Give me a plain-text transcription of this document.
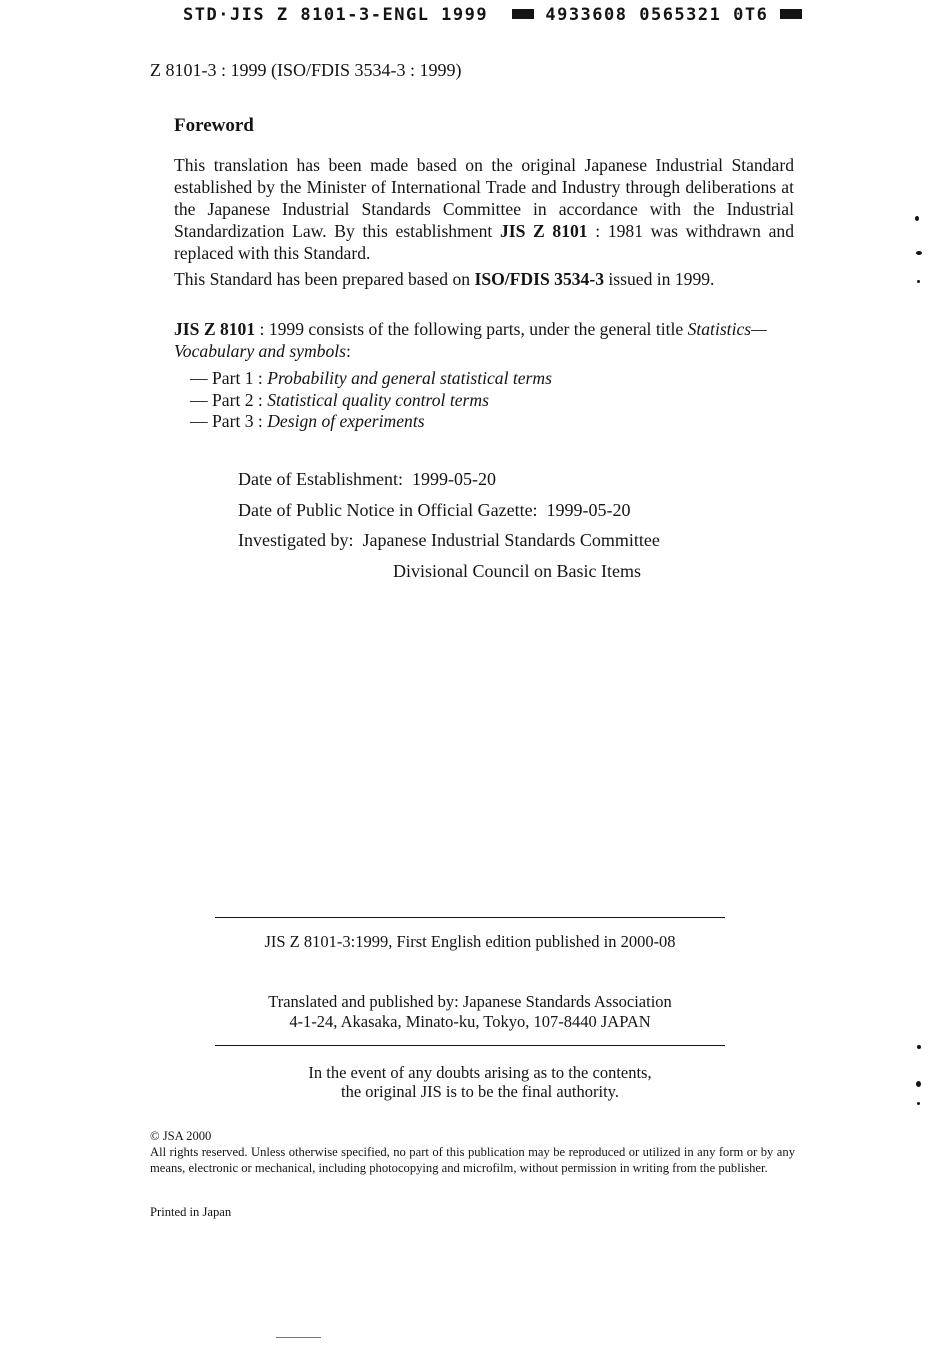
STD·JIS Z 8101-3-ENGL 1999	4933608 0565321 0T6
Z 8101-3 : 1999 (ISO/FDIS 3534-3 : 1999)
Foreword
This translation has been made based on the original Japanese Industrial Standard established by the Minister of International Trade and Industry through deliberations at the Japanese Industrial Standards Committee in accordance with the Industrial Standardization Law. By this establishment JIS Z 8101 : 1981 was withdrawn and replaced with this Standard.
This Standard has been prepared based on ISO/FDIS 3534-3 issued in 1999.
JIS Z 8101 : 1999 consists of the following parts, under the general title Statistics—Vocabulary and symbols:
— Part 1 : Probability and general statistical terms
— Part 2 : Statistical quality control terms
— Part 3 : Design of experiments
Date of Establishment:  1999-05-20
Date of Public Notice in Official Gazette:  1999-05-20
Investigated by:  Japanese Industrial Standards Committee
Divisional Council on Basic Items
JIS Z 8101-3:1999, First English edition published in 2000-08
Translated and published by: Japanese Standards Association
4-1-24, Akasaka, Minato-ku, Tokyo, 107-8440 JAPAN
In the event of any doubts arising as to the contents,
the original JIS is to be the final authority.
© JSA 2000
All rights reserved. Unless otherwise specified, no part of this publication may be reproduced or utilized in any form or by any means, electronic or mechanical, including photocopying and microfilm, without permission in writing from the publisher.
Printed in Japan
